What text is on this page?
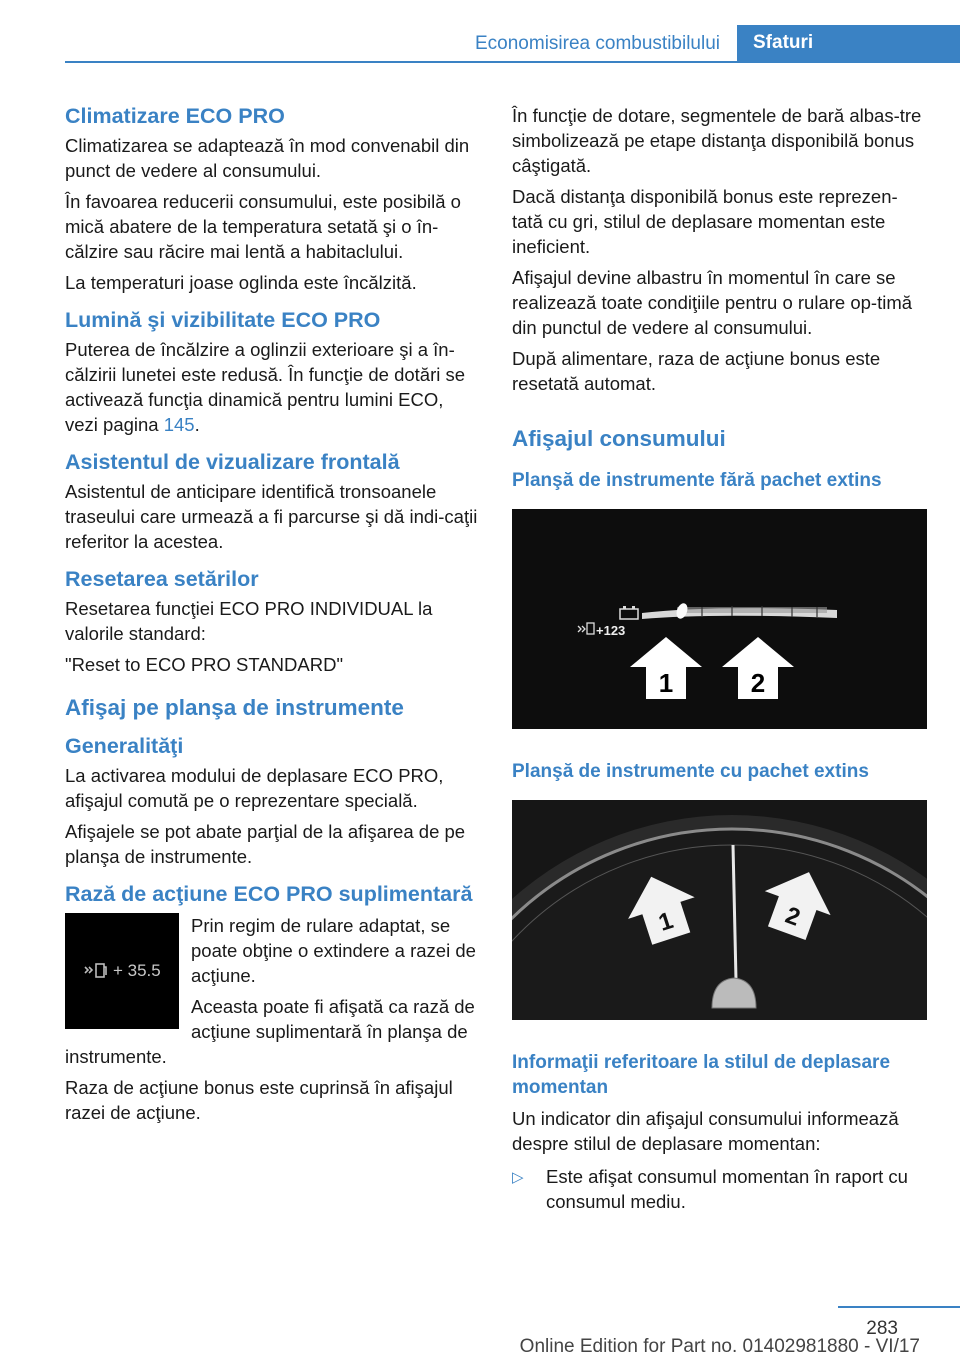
Economisirea combustibilului	Sfaturi
Climatizare ECO PRO

Climatizarea se adaptează în mod convenabil din punct de vedere al consumului.

În favoarea reducerii consumului, este posibilă o mică abatere de la temperatura setată şi o în-călzire sau răcire mai lentă a habitaclului.

La temperaturi joase oglinda este încălzită.

Lumină şi vizibilitate ECO PRO

Puterea de încălzire a oglinzii exterioare şi a în-călzirii lunetei este redusă. În funcţie de dotări se activează funcţia dinamică pentru lumini ECO, vezi pagina 145.

Asistentul de vizualizare frontală

Asistentul de anticipare identifică tronsoanele traseului care urmează a fi parcurse şi dă indi-caţii referitor la acestea.

Resetarea setărilor

Resetarea funcţiei ECO PRO INDIVIDUAL la valorile standard:

"Reset to ECO PRO STANDARD"

Afişaj pe planşa de instrumente
Generalităţi

La activarea modului de deplasare ECO PRO, afişajul comută pe o reprezentare specială.

Afişajele se pot abate parţial de la afişarea de pe planşa de instrumente.

Rază de acţiune ECO PRO suplimentară
+ 35.5

Prin regim de rulare adaptat, se poate obţine o extindere a razei de acţiune.

Aceasta poate fi afişată ca rază de acţiune suplimentară în planşa de instrumente.

Raza de acţiune bonus este cuprinsă în afişajul razei de acţiune.

În funcţie de dotare, segmentele de bară albas-tre simbolizează pe etape distanţa disponibilă bonus câştigată.

Dacă distanţa disponibilă bonus este reprezen-tată cu gri, stilul de deplasare momentan este ineficient.

Afişajul devine albastru în momentul în care se realizează toate condiţiile pentru o rulare op-timă din punctul de vedere al consumului.

După alimentare, raza de acţiune bonus este resetată automat.

Afişajul consumului
Planşă de instrumente fără pachet extins
+123
1	2
Planşă de instrumente cu pachet extins
1	2
Informaţii referitoare la stilul de deplasare momentan

Un indicator din afişajul consumului informează despre stilul de deplasare momentan:

▷	Este afişat consumul momentan în raport cu consumul mediu.
283
Online Edition for Part no. 01402981880 - VI/17
